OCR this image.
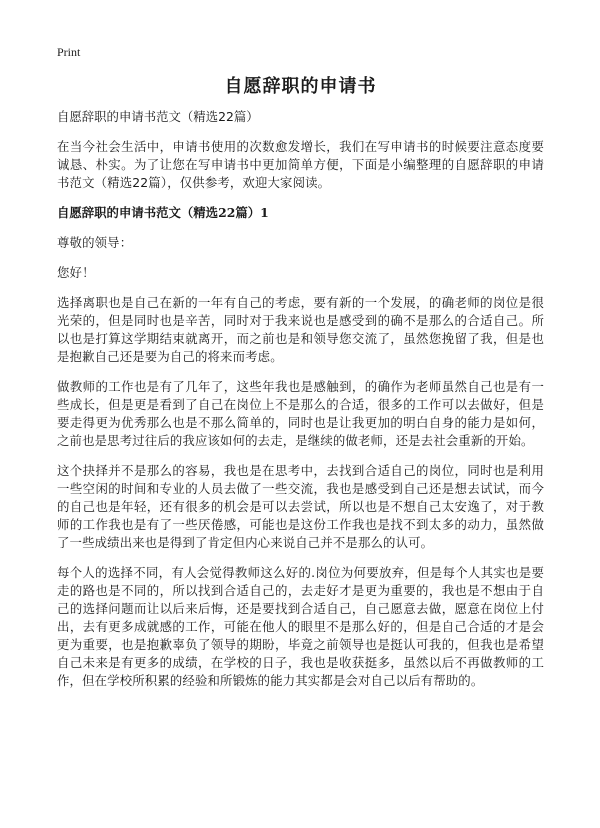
Print
自愿辞职的申请书
自愿辞职的申请书范文（精选22篇）

在当今社会生活中，申请书使用的次数愈发增长，我们在写申请书的时候要注意态度要诚恳、朴实。为了让您在写申请书中更加简单方便，下面是小编整理的自愿辞职的申请书范文（精选22篇），仅供参考，欢迎大家阅读。

自愿辞职的申请书范文（精选22篇）1

尊敬的领导：

您好！

选择离职也是自己在新的一年有自己的考虑，要有新的一个发展，的确老师的岗位是很光荣的，但是同时也是辛苦，同时对于我来说也是感受到的确不是那么的合适自己。所以也是打算这学期结束就离开，而之前也是和领导您交流了，虽然您挽留了我，但是也是抱歉自己还是要为自己的将来而考虑。

做教师的工作也是有了几年了，这些年我也是感触到，的确作为老师虽然自己也是有一些成长，但是更是看到了自己在岗位上不是那么的合适，很多的工作可以去做好，但是要走得更为优秀那么也是不那么简单的，同时也是让我更加的明白自身的能力是如何，之前也是思考过往后的我应该如何的去走，是继续的做老师，还是去社会重新的开始。

这个抉择并不是那么的容易，我也是在思考中，去找到合适自己的岗位，同时也是利用一些空闲的时间和专业的人员去做了一些交流，我也是感受到自己还是想去试试，而今的自己也是年轻，还有很多的机会是可以去尝试，所以也是不想自己太安逸了，对于教师的工作我也是有了一些厌倦感，可能也是这份工作我也是找不到太多的动力，虽然做了一些成绩出来也是得到了肯定但内心来说自己并不是那么的认可。

每个人的选择不同，有人会觉得教师这么好的.岗位为何要放弃，但是每个人其实也是要走的路也是不同的，所以找到合适自己的，去走好才是更为重要的，我也是不想由于自己的选择问题而让以后来后悔，还是要找到合适自己，自己愿意去做，愿意在岗位上付出，去有更多成就感的工作，可能在他人的眼里不是那么好的，但是自己合适的才是会更为重要，也是抱歉辜负了领导的期盼，毕竟之前领导也是挺认可我的，但我也是希望自己未来是有更多的成绩，在学校的日子，我也是收获挺多，虽然以后不再做教师的工作，但在学校所积累的经验和所锻炼的能力其实都是会对自己以后有帮助的。
